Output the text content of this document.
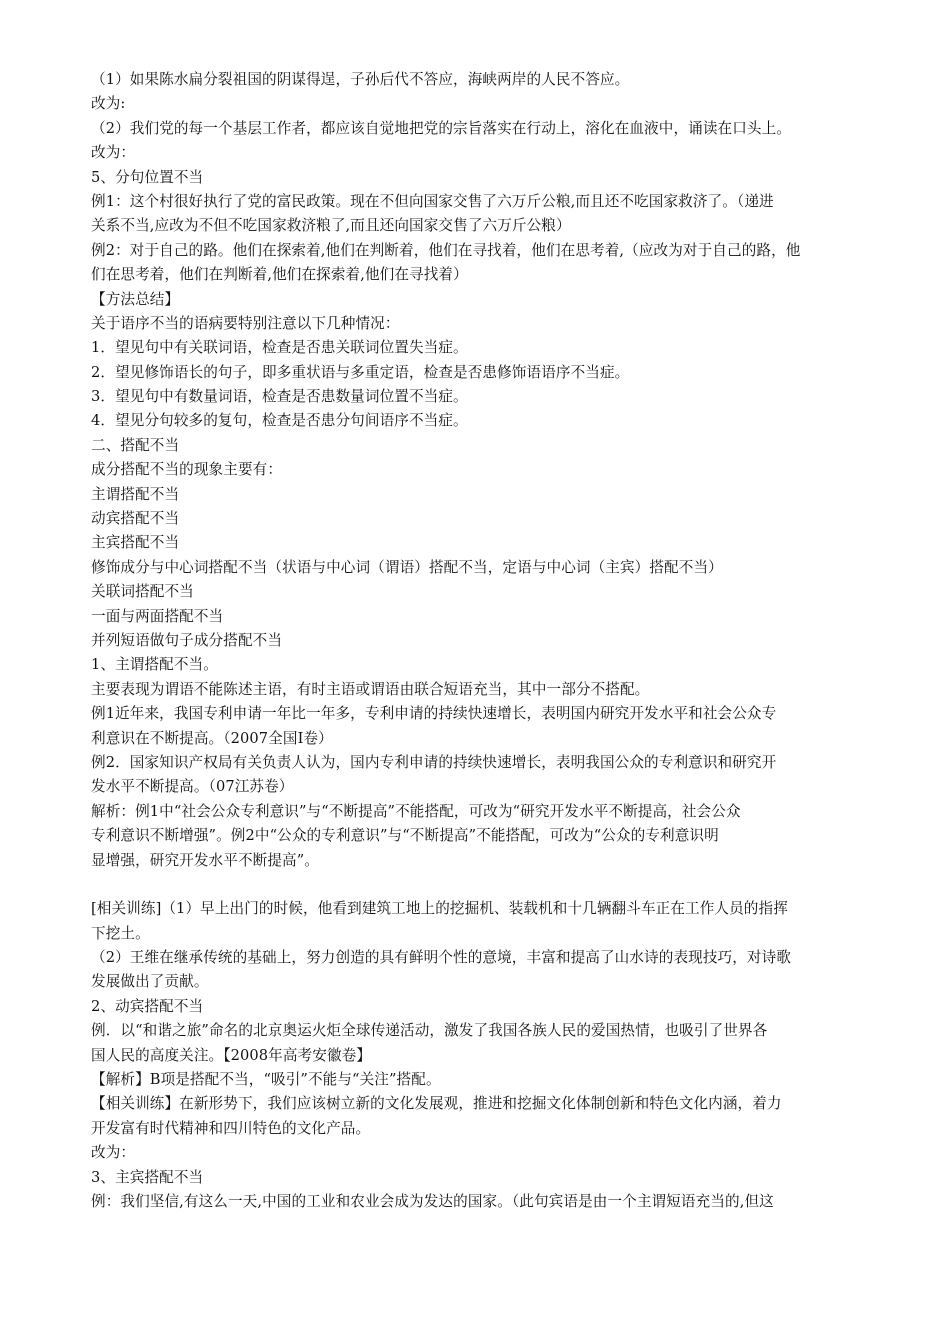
（1）如果陈水扁分裂祖国的阴谋得逞，子孙后代不答应，海峡两岸的人民不答应。
改为:
（2）我们党的每一个基层工作者，都应该自觉地把党的宗旨落实在行动上，溶化在血液中，诵读在口头上。
改为：
5、分句位置不当
例1：这个村很好执行了党的富民政策。现在不但向国家交售了六万斤公粮,而且还不吃国家救济了。（递进
关系不当,应改为不但不吃国家救济粮了,而且还向国家交售了六万斤公粮）
例2：对于自己的路。他们在探索着,他们在判断着，他们在寻找着，他们在思考着,（应改为对于自己的路，他
们在思考着，他们在判断着,他们在探索着,他们在寻找着）
【方法总结】
关于语序不当的语病要特别注意以下几种情况：
1．望见句中有关联词语，检查是否患关联词位置失当症。
2．望见修饰语长的句子，即多重状语与多重定语，检查是否患修饰语语序不当症。
3．望见句中有数量词语，检查是否患数量词位置不当症。
4．望见分句较多的复句，检查是否患分句间语序不当症。
二、搭配不当
成分搭配不当的现象主要有：
主谓搭配不当
动宾搭配不当
主宾搭配不当
修饰成分与中心词搭配不当（状语与中心词（谓语）搭配不当，定语与中心词（主宾）搭配不当）
关联词搭配不当
一面与两面搭配不当
并列短语做句子成分搭配不当
1、主谓搭配不当。
主要表现为谓语不能陈述主语，有时主语或谓语由联合短语充当，其中一部分不搭配。
例1近年来，我国专利申请一年比一年多，专利申请的持续快速增长，表明国内研究开发水平和社会公众专
利意识在不断提高。（2007全国Ⅰ卷）
例2．国家知识产权局有关负责人认为，国内专利申请的持续快速增长，表明我国公众的专利意识和研究开
发水平不断提高。（07江苏卷）
解析：例1中“社会公众专利意识”与“不断提高”不能搭配，可改为“研究开发水平不断提高，社会公众
专利意识不断增强”。例2中“公众的专利意识”与“不断提高”不能搭配，可改为“公众的专利意识明
显增强，研究开发水平不断提高”。
[相关训练]（1）早上出门的时候，他看到建筑工地上的挖掘机、装载机和十几辆翻斗车正在工作人员的指挥
下挖土。
（2）王维在继承传统的基础上，努力创造的具有鲜明个性的意境，丰富和提高了山水诗的表现技巧，对诗歌
发展做出了贡献。
2、动宾搭配不当
例．以“和谐之旅”命名的北京奥运火炬全球传递活动，激发了我国各族人民的爱国热情，也吸引了世界各
国人民的高度关注。【2008年高考安徽卷】
【解析】B项是搭配不当，“吸引”不能与“关注”搭配。
【相关训练】在新形势下，我们应该树立新的文化发展观，推进和挖掘文化体制创新和特色文化内涵，着力
开发富有时代精神和四川特色的文化产品。
改为：
3、主宾搭配不当
例：我们坚信,有这么一天,中国的工业和农业会成为发达的国家。（此句宾语是由一个主谓短语充当的,但这
